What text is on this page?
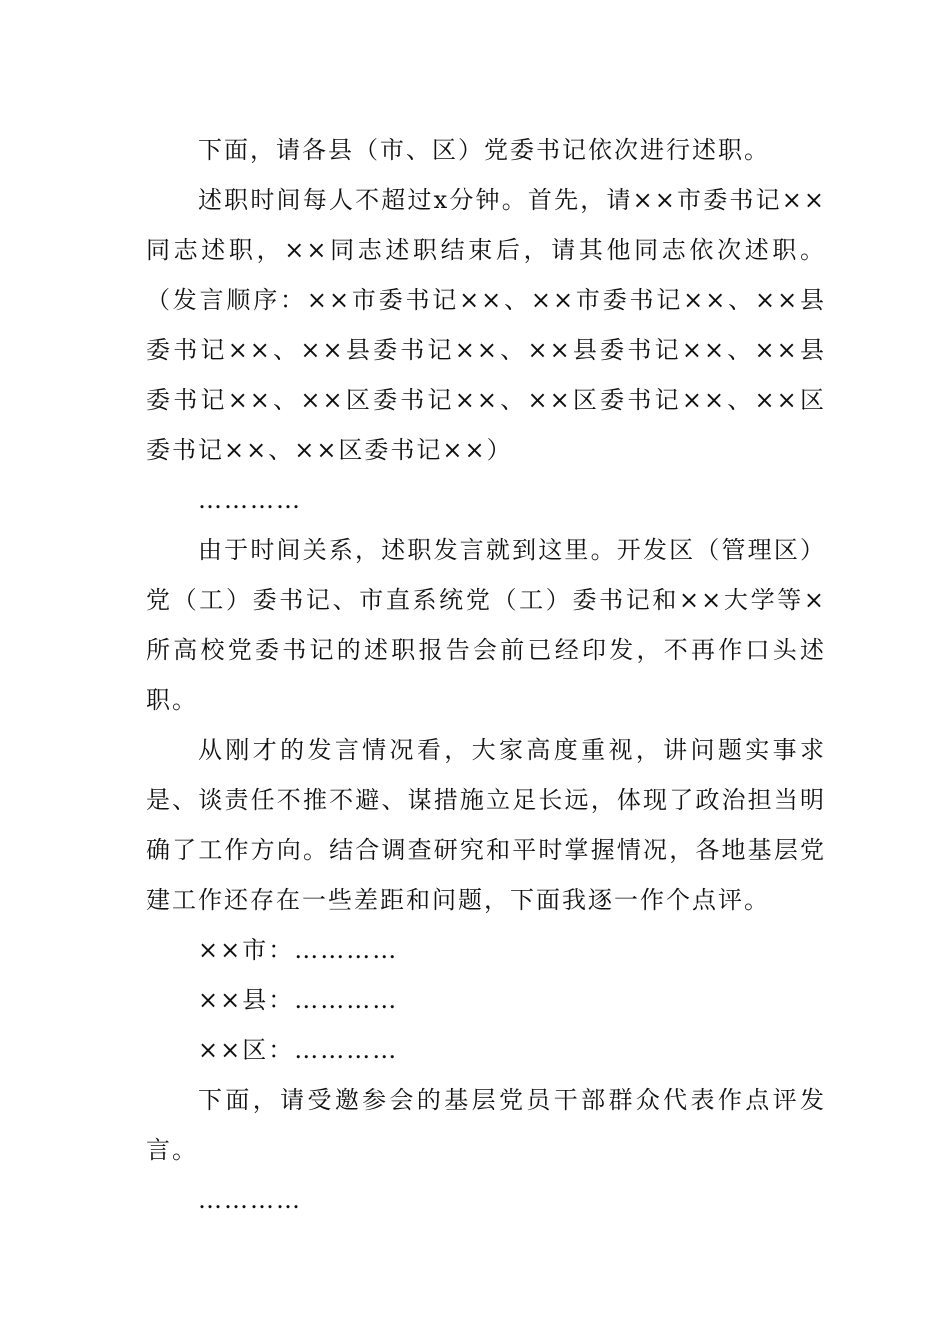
下面，请各县（市、区）党委书记依次进行述职。

述职时间每人不超过x分钟。首先，请××市委书记××同志述职，××同志述职结束后，请其他同志依次述职。（发言顺序：××市委书记××、××市委书记××、××县委书记××、××县委书记××、××县委书记××、××县委书记××、××区委书记××、××区委书记××、××区委书记××、××区委书记××）

…………

由于时间关系，述职发言就到这里。开发区（管理区）党（工）委书记、市直系统党（工）委书记和××大学等×所高校党委书记的述职报告会前已经印发，不再作口头述职。

从刚才的发言情况看，大家高度重视，讲问题实事求是、谈责任不推不避、谋措施立足长远，体现了政治担当明确了工作方向。结合调查研究和平时掌握情况，各地基层党建工作还存在一些差距和问题，下面我逐一作个点评。

××市：…………

××县：…………

××区：…………

下面，请受邀参会的基层党员干部群众代表作点评发言。

…………
